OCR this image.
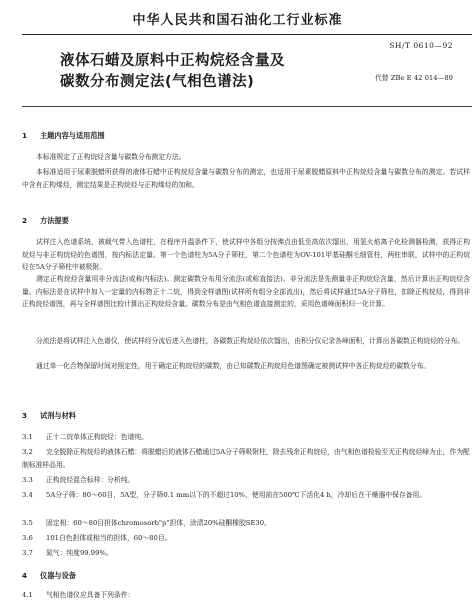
中华人民共和国石油化工行业标准
SH/T 0610—92
液体石蜡及原料中正构烷烃含量及
碳数分布测定法(气相色谱法)	代替 ZBe E 42 014—89
1 主题内容与适用范围
本标准规定了正构烷烃含量与碳数分布测定方法。
本标准适用于尿素脱蜡所获得的液体石蜡中正构烷烃含量与碳数分布的测定，也适用于尿素脱蜡原料中正构烷烃含量与碳数分布的测定。若试样中含有正构烯烃，测定结果是正构烷烃与正构烯烃的加和。
2 方法提要
试样注入色谱系统，被载气带入色谱柱，在程序升温条件下，使试样中各组分按沸点由低至高依次馏出，用氢火焰离子化检测器检测，获得正构烷烃与非正构烷烃的色谱图，按内标法定量。第一个色谱柱为5A分子筛柱，第二个色谱柱为OV-101甲基硅酮毛细管柱，两柱串联，试样中的正构烷烃在5A分子筛柱中被吸附。
测定正构烷烃含量用非分流法(或称内标法)。测定碳数分布用分流法(或称直接法)。非分流法是先测量非正构烷烃含量，然后计算出正构烷烃含量。内标法是在试样中加入一定量的内标物正十二烷，得到全样谱图(试样所有组分全部流出)，然后将试样通过5A分子筛柱，扣除正构烷烃，得到非正构烷烃谱图，再与全样谱图比较计算出正构烷烃含量。碳数分布是由气相色谱直接测定的，采用色谱峰面积归一化计算。
分流法是将试样注入色谱仪，使试样经分流后进入色谱柱，各碳数正构烷烃依次馏出，由积分仪记录各峰面积，计算出各碳数正构烷烃的分布。
通过单一化合物保留时间对照定性，用于确定正构烷烃的碳数，由已知碳数正构烷烃色谱图确定被测试样中各正构烷烃的碳数分布。
3 试剂与材料
3.1 正十二烷单体正构烷烃：色谱纯。
3.2 完全脱除正构烷烃的液体石蜡：将脱蜡后的液体石蜡通过5A分子筛吸附柱，除去残余正构烷烃，由气相色谱检验至无正构烷烃峰为止，作为配制标准样品用。
3.3 正构烷烃混合标样：分析纯。
3.4 5A分子筛：80～60目，5A型，分子筛0.1 mm以下的不超过10%，使用前在500℃下活化4 h，冷却后在干燥器中保存备用。
3.5 固定相：60～80目担体chromosorb"p"担体，涂渍20%硅酮橡胶SE30。
3.6 101白色担体或相当的担体，60～80目。
3.7 氮气：纯度99.99%。
4 仪器与设备
4.1 气相色谱仪应具备下列条件：
